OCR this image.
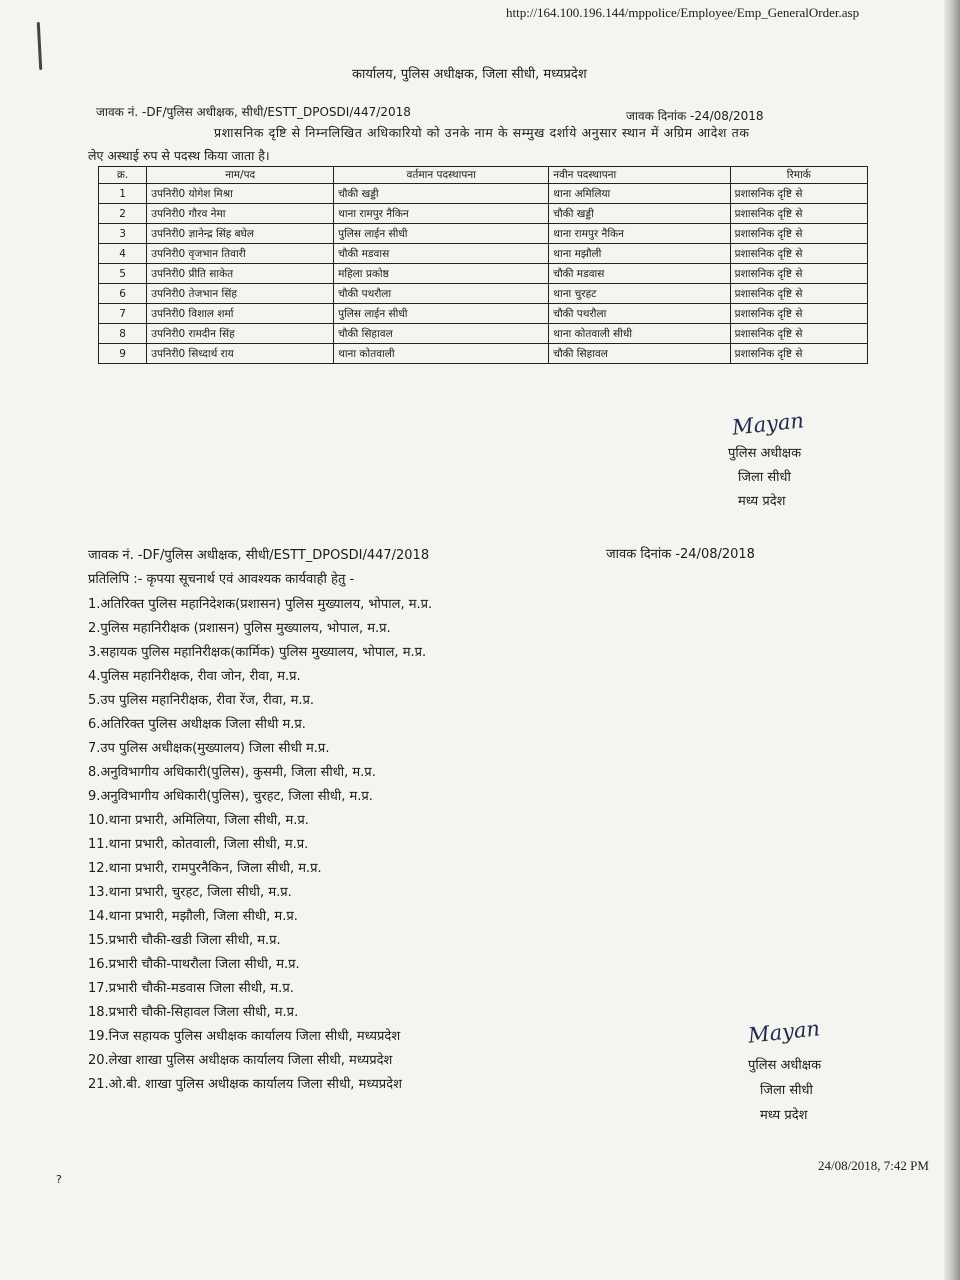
http://164.100.196.144/mppolice/Employee/Emp_GeneralOrder.asp
कार्यालय, पुलिस अधीक्षक, जिला सीधी, मध्यप्रदेश
जावक नं. -DF/पुलिस अधीक्षक, सीधी/ESTT_DPOSDI/447/2018	जावक दिनांक -24/08/2018
प्रशासनिक दृष्टि से निम्नलिखित अधिकारियो को उनके नाम के सम्मुख दर्शाये अनुसार स्थान में अग्रिम आदेश तक
लेए अस्थाई रुप से पदस्थ किया जाता है।
क्र.	नाम/पद	वर्तमान पदस्थापना	नवीन पदस्थापना	रिमार्क
1	उपनिरी0 योगेश मिश्रा	चौकी खड्डी	थाना अमिलिया	प्रशासनिक दृष्टि से
2	उपनिरी0 गौरव नेमा	थाना रामपुर नैकिन	चौकी खड्डी	प्रशासनिक दृष्टि से
3	उपनिरी0 ज्ञानेन्द्र सिंह बघेल	पुलिस लाईन सीधी	थाना रामपुर नैकिन	प्रशासनिक दृष्टि से
4	उपनिरी0 वृजभान तिवारी	चौकी मडवास	थाना मझौली	प्रशासनिक दृष्टि से
5	उपनिरी0 प्रीति साकेत	महिला प्रकोष्ठ	चौकी मडवास	प्रशासनिक दृष्टि से
6	उपनिरी0 तेजभान सिंह	चौकी पथरौला	थाना चुरहट	प्रशासनिक दृष्टि से
7	उपनिरी0 विशाल शर्मा	पुलिस लाईन सीधी	चौकी पथरौला	प्रशासनिक दृष्टि से
8	उपनिरी0 रामदीन सिंह	चौकी सिहावल	थाना कोतवाली सीधी	प्रशासनिक दृष्टि से
9	उपनिरी0 सिध्दार्थ राय	थाना कोतवाली	चौकी सिहावल	प्रशासनिक दृष्टि से
Mayan
पुलिस अधीक्षक
जिला सीधी
मध्य प्रदेश
जावक नं. -DF/पुलिस अधीक्षक, सीधी/ESTT_DPOSDI/447/2018	जावक दिनांक -24/08/2018
प्रतिलिपि :- कृपया सूचनार्थ एवं आवश्यक कार्यवाही हेतु -
1.अतिरिक्त पुलिस महानिदेशक(प्रशासन) पुलिस मुख्यालय, भोपाल, म.प्र.
2.पुलिस महानिरीक्षक (प्रशासन) पुलिस मुख्यालय, भोपाल, म.प्र.
3.सहायक पुलिस महानिरीक्षक(कार्मिक) पुलिस मुख्यालय, भोपाल, म.प्र.
4.पुलिस महानिरीक्षक, रीवा जोन, रीवा, म.प्र.
5.उप पुलिस महानिरीक्षक, रीवा रेंज, रीवा, म.प्र.
6.अतिरिक्त पुलिस अधीक्षक जिला सीधी म.प्र.
7.उप पुलिस अधीक्षक(मुख्यालय) जिला सीधी म.प्र.
8.अनुविभागीय अधिकारी(पुलिस), कुसमी, जिला सीधी, म.प्र.
9.अनुविभागीय अधिकारी(पुलिस), चुरहट, जिला सीधी, म.प्र.
10.थाना प्रभारी, अमिलिया, जिला सीधी, म.प्र.
11.थाना प्रभारी, कोतवाली, जिला सीधी, म.प्र.
12.थाना प्रभारी, रामपुरनैकिन, जिला सीधी, म.प्र.
13.थाना प्रभारी, चुरहट, जिला सीधी, म.प्र.
14.थाना प्रभारी, मझौली, जिला सीधी, म.प्र.
15.प्रभारी चौकी-खडी जिला सीधी, म.प्र.
16.प्रभारी चौकी-पाथरौला जिला सीधी, म.प्र.
17.प्रभारी चौकी-मडवास जिला सीधी, म.प्र.
18.प्रभारी चौकी-सिहावल जिला सीधी, म.प्र.
19.निज सहायक पुलिस अधीक्षक कार्यालय जिला सीधी, मध्यप्रदेश
20.लेखा शाखा पुलिस अधीक्षक कार्यालय जिला सीधी, मध्यप्रदेश
21.ओ.बी. शाखा पुलिस अधीक्षक कार्यालय जिला सीधी, मध्यप्रदेश
Mayan
पुलिस अधीक्षक
जिला सीधी
मध्य प्रदेश
24/08/2018, 7:42 PM
?
